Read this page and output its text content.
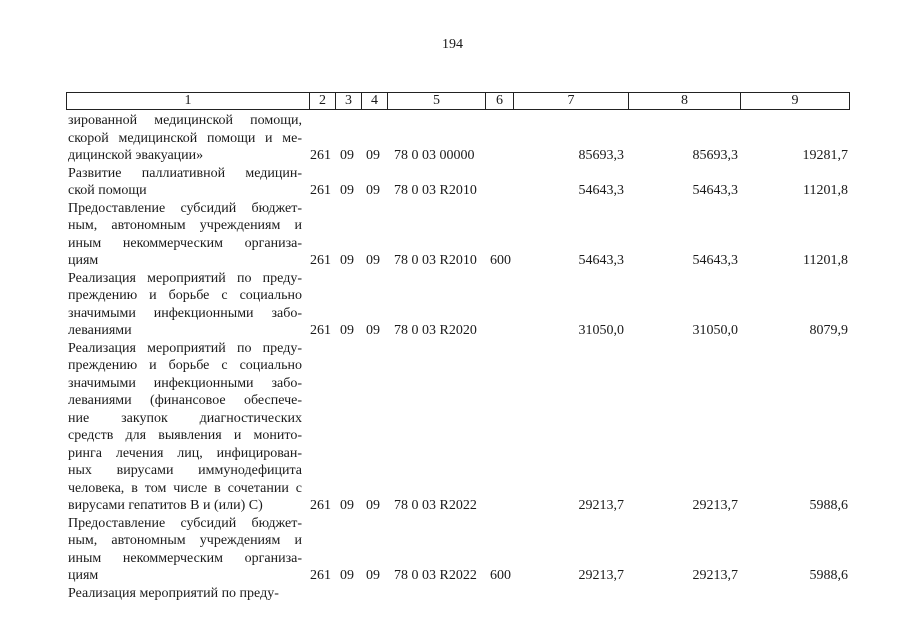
194
1	2	3	4	5	6	7	8	9
зированной медицинской помощи,
скорой медицинской помощи и ме-
дицинской эвакуации»	261 09 09 78 0 03 00000	85693,3	85693,3	19281,7
Развитие паллиативной медицин-
ской помощи	261 09 09 78 0 03 R2010	54643,3	54643,3	11201,8
Предоставление субсидий бюджет-
ным, автономным учреждениям и
иным некоммерческим организа-
циям	261 09 09 78 0 03 R2010 600	54643,3	54643,3	11201,8
Реализация мероприятий по преду-
преждению и борьбе с социально
значимыми инфекционными забо-
леваниями	261 09 09 78 0 03 R2020	31050,0	31050,0	8079,9
Реализация мероприятий по преду-
преждению и борьбе с социально
значимыми инфекционными забо-
леваниями (финансовое обеспече-
ние закупок диагностических
средств для выявления и монито-
ринга лечения лиц, инфицирован-
ных вирусами иммунодефицита
человека, в том числе в сочетании с
вирусами гепатитов В и (или) С)	261 09 09 78 0 03 R2022	29213,7	29213,7	5988,6
Предоставление субсидий бюджет-
ным, автономным учреждениям и
иным некоммерческим организа-
циям	261 09 09 78 0 03 R2022 600	29213,7	29213,7	5988,6
Реализация мероприятий по преду-
